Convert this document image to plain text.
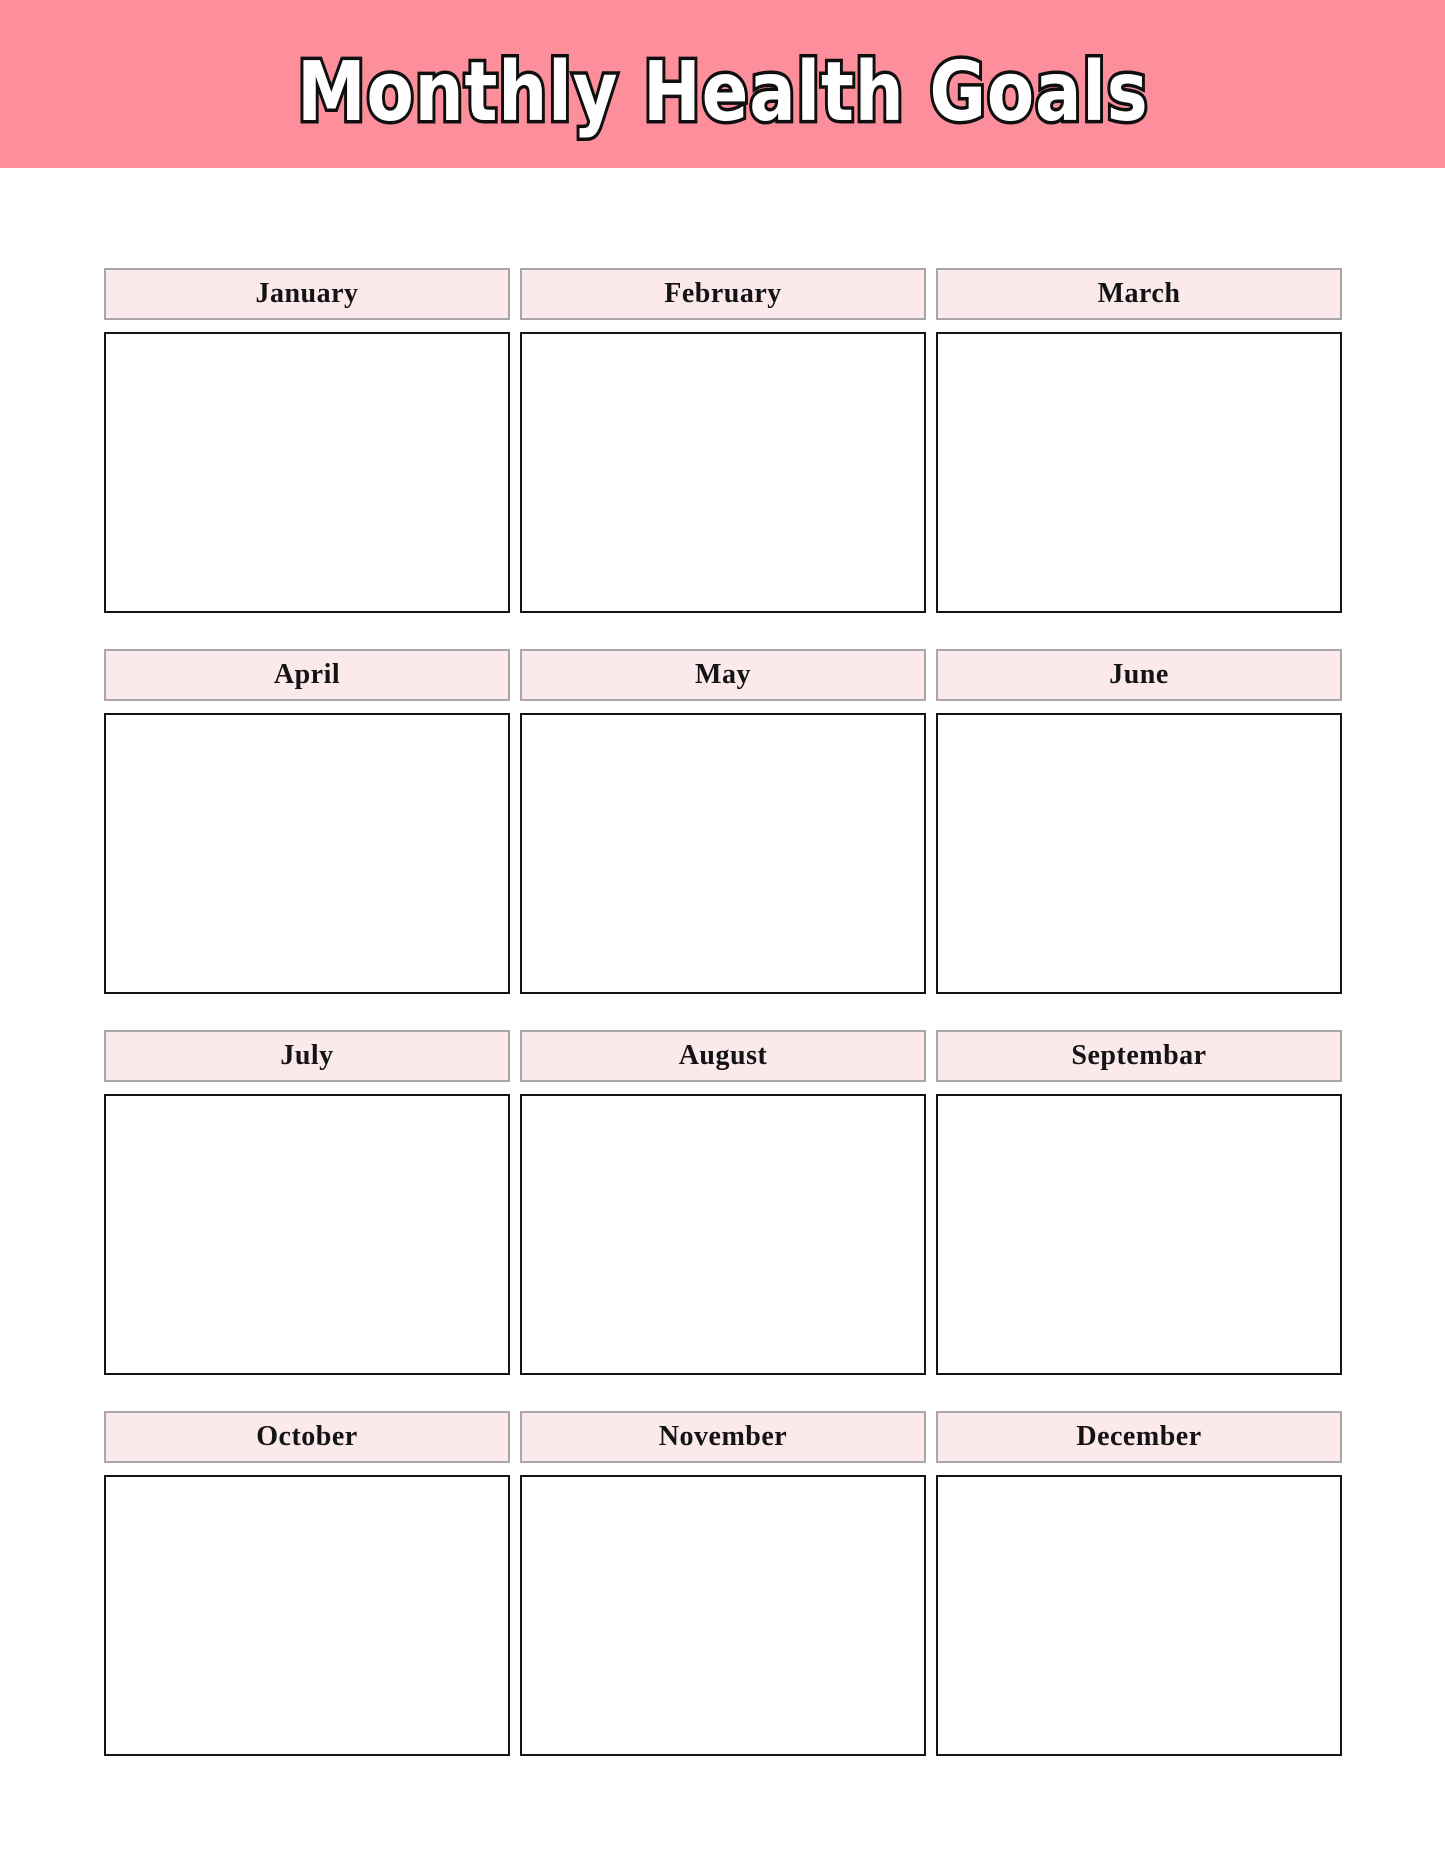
Monthly Health Goals
January	February	March
April	May	June
July	August	Septembar
October	November	December
